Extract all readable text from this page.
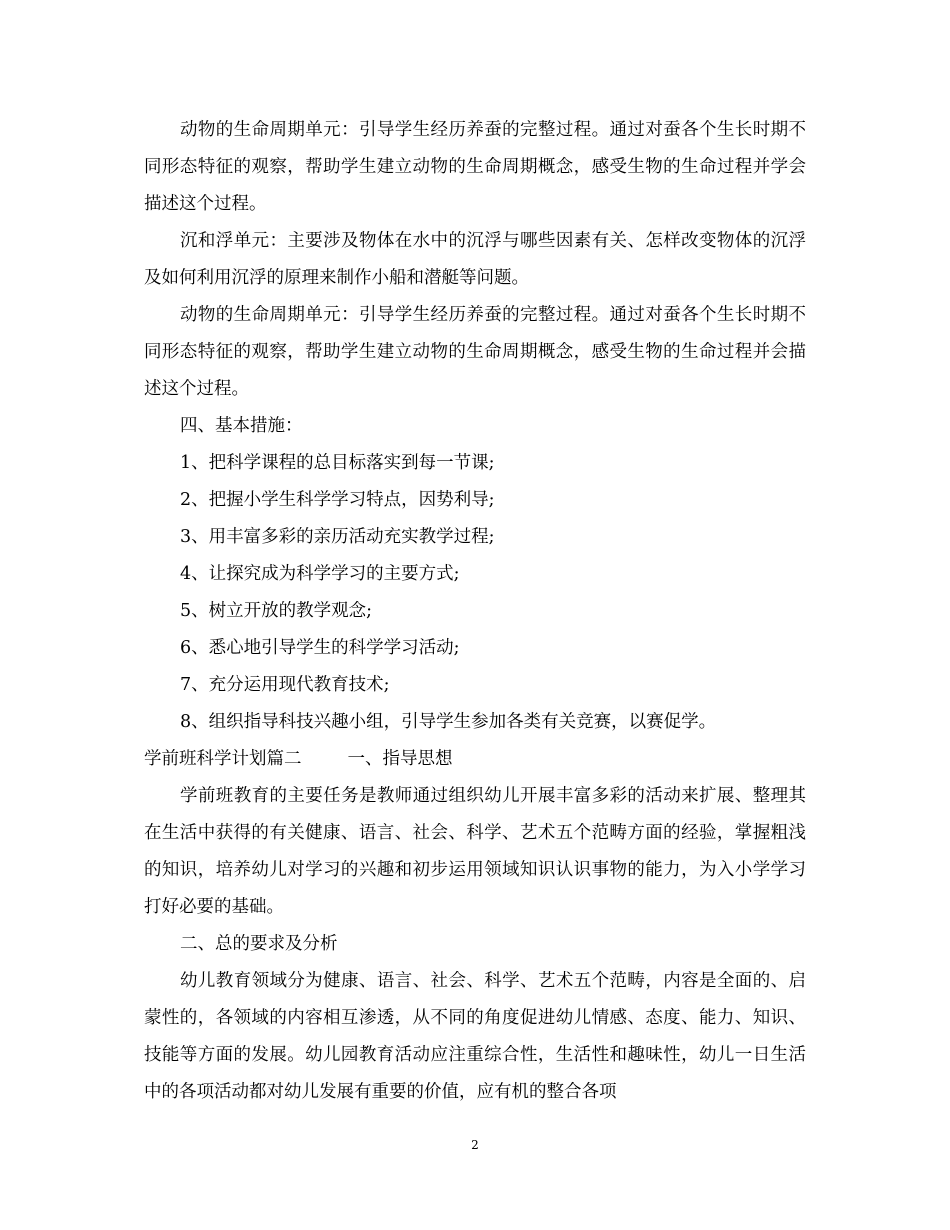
动物的生命周期单元：引导学生经历养蚕的完整过程。通过对蚕各个生长时期不同形态特征的观察，帮助学生建立动物的生命周期概念，感受生物的生命过程并学会描述这个过程。

沉和浮单元：主要涉及物体在水中的沉浮与哪些因素有关、怎样改变物体的沉浮及如何利用沉浮的原理来制作小船和潜艇等问题。

动物的生命周期单元：引导学生经历养蚕的完整过程。通过对蚕各个生长时期不同形态特征的观察，帮助学生建立动物的生命周期概念，感受生物的生命过程并会描述这个过程。

四、基本措施：

1、把科学课程的总目标落实到每一节课;

2、把握小学生科学学习特点，因势利导;

3、用丰富多彩的亲历活动充实教学过程;

4、让探究成为科学学习的主要方式;

5、树立开放的教学观念;

6、悉心地引导学生的科学学习活动;

7、充分运用现代教育技术;

8、组织指导科技兴趣小组，引导学生参加各类有关竞赛，以赛促学。

学前班科学计划篇二	一、指导思想

学前班教育的主要任务是教师通过组织幼儿开展丰富多彩的活动来扩展、整理其在生活中获得的有关健康、语言、社会、科学、艺术五个范畴方面的经验，掌握粗浅的知识，培养幼儿对学习的兴趣和初步运用领域知识认识事物的能力，为入小学学习打好必要的基础。

二、总的要求及分析

幼儿教育领域分为健康、语言、社会、科学、艺术五个范畴，内容是全面的、启蒙性的，各领域的内容相互渗透，从不同的角度促进幼儿情感、态度、能力、知识、技能等方面的发展。幼儿园教育活动应注重综合性，生活性和趣味性，幼儿一日生活中的各项活动都对幼儿发展有重要的价值，应有机的整合各项

2
